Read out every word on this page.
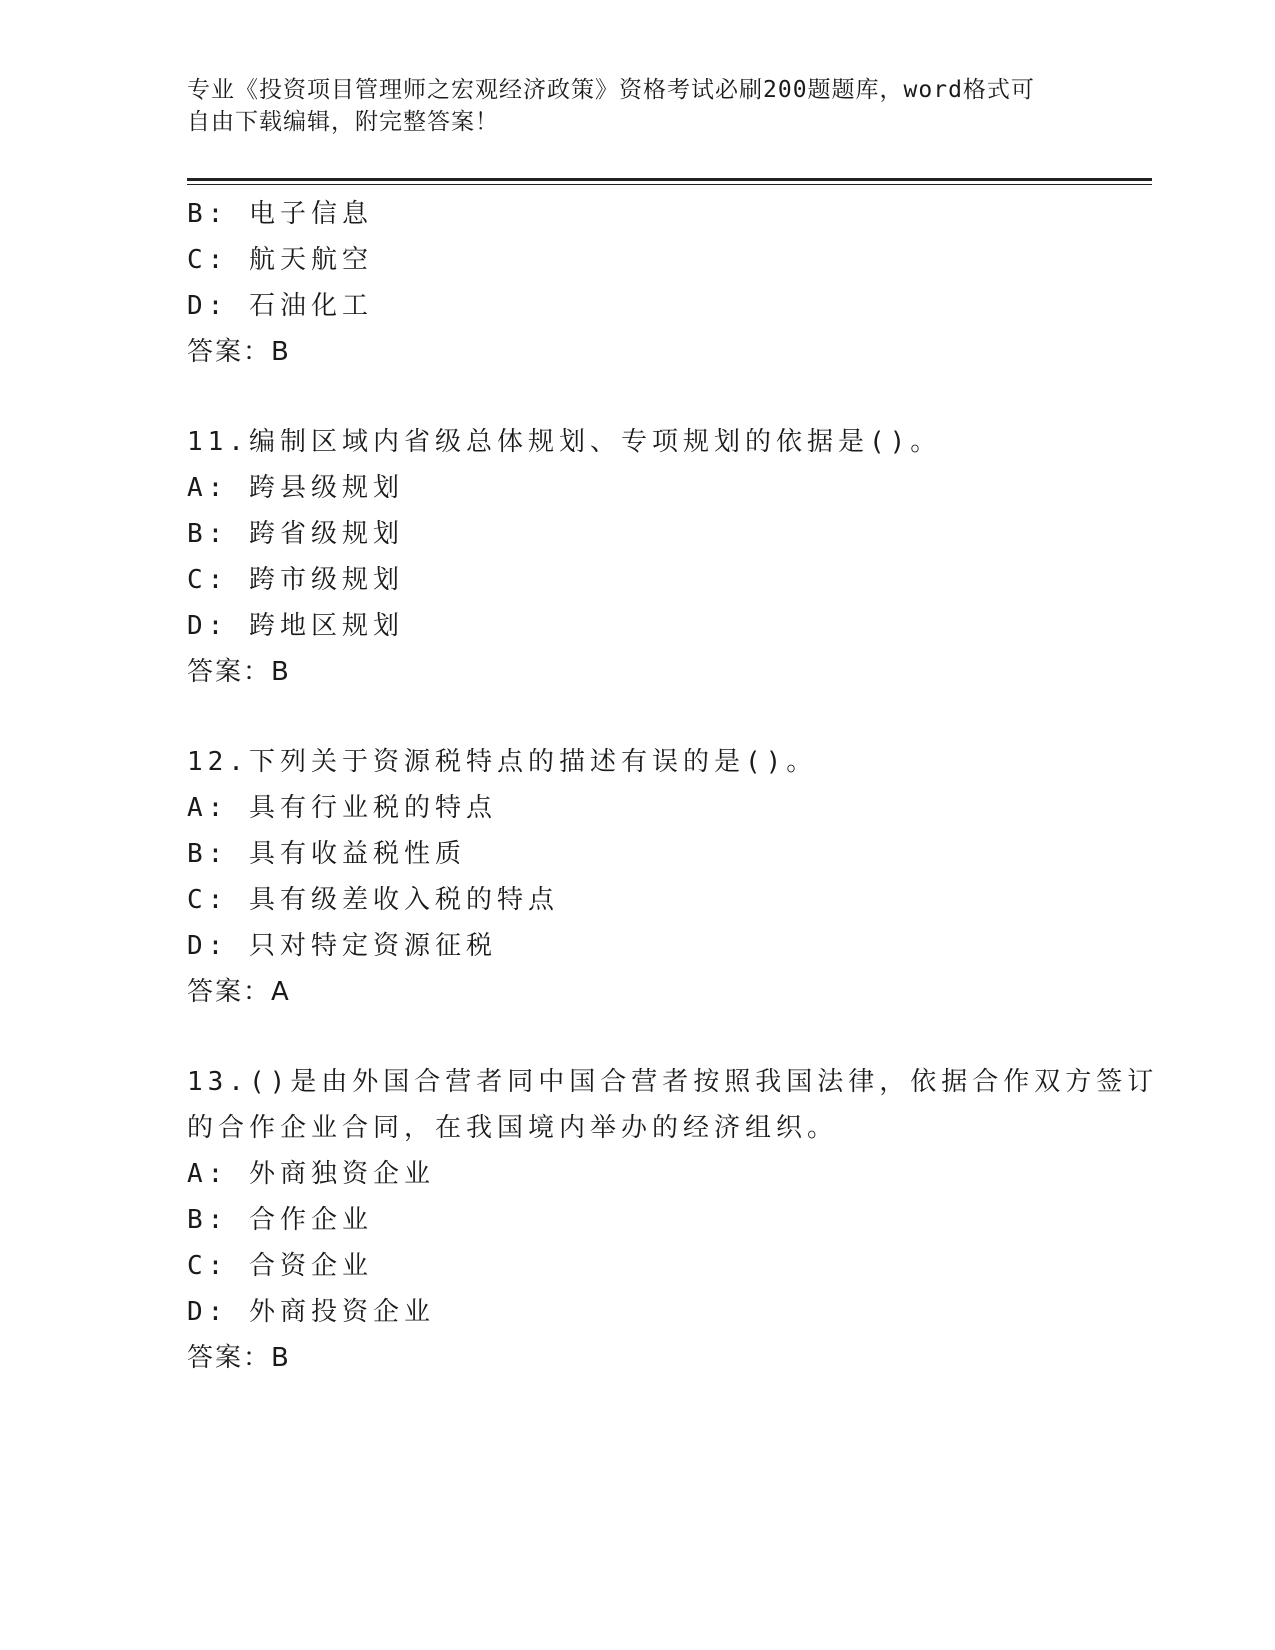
专业《投资项目管理师之宏观经济政策》资格考试必刷200题题库，word格式可
自由下载编辑，附完整答案！
B: 电子信息
C: 航天航空
D: 石油化工
答案：B
11.编制区域内省级总体规划、专项规划的依据是()。
A: 跨县级规划
B: 跨省级规划
C: 跨市级规划
D: 跨地区规划
答案：B
12.下列关于资源税特点的描述有误的是()。
A: 具有行业税的特点
B: 具有收益税性质
C: 具有级差收入税的特点
D: 只对特定资源征税
答案：A
13.()是由外国合营者同中国合营者按照我国法律，依据合作双方签订
的合作企业合同，在我国境内举办的经济组织。
A: 外商独资企业
B: 合作企业
C: 合资企业
D: 外商投资企业
答案：B
